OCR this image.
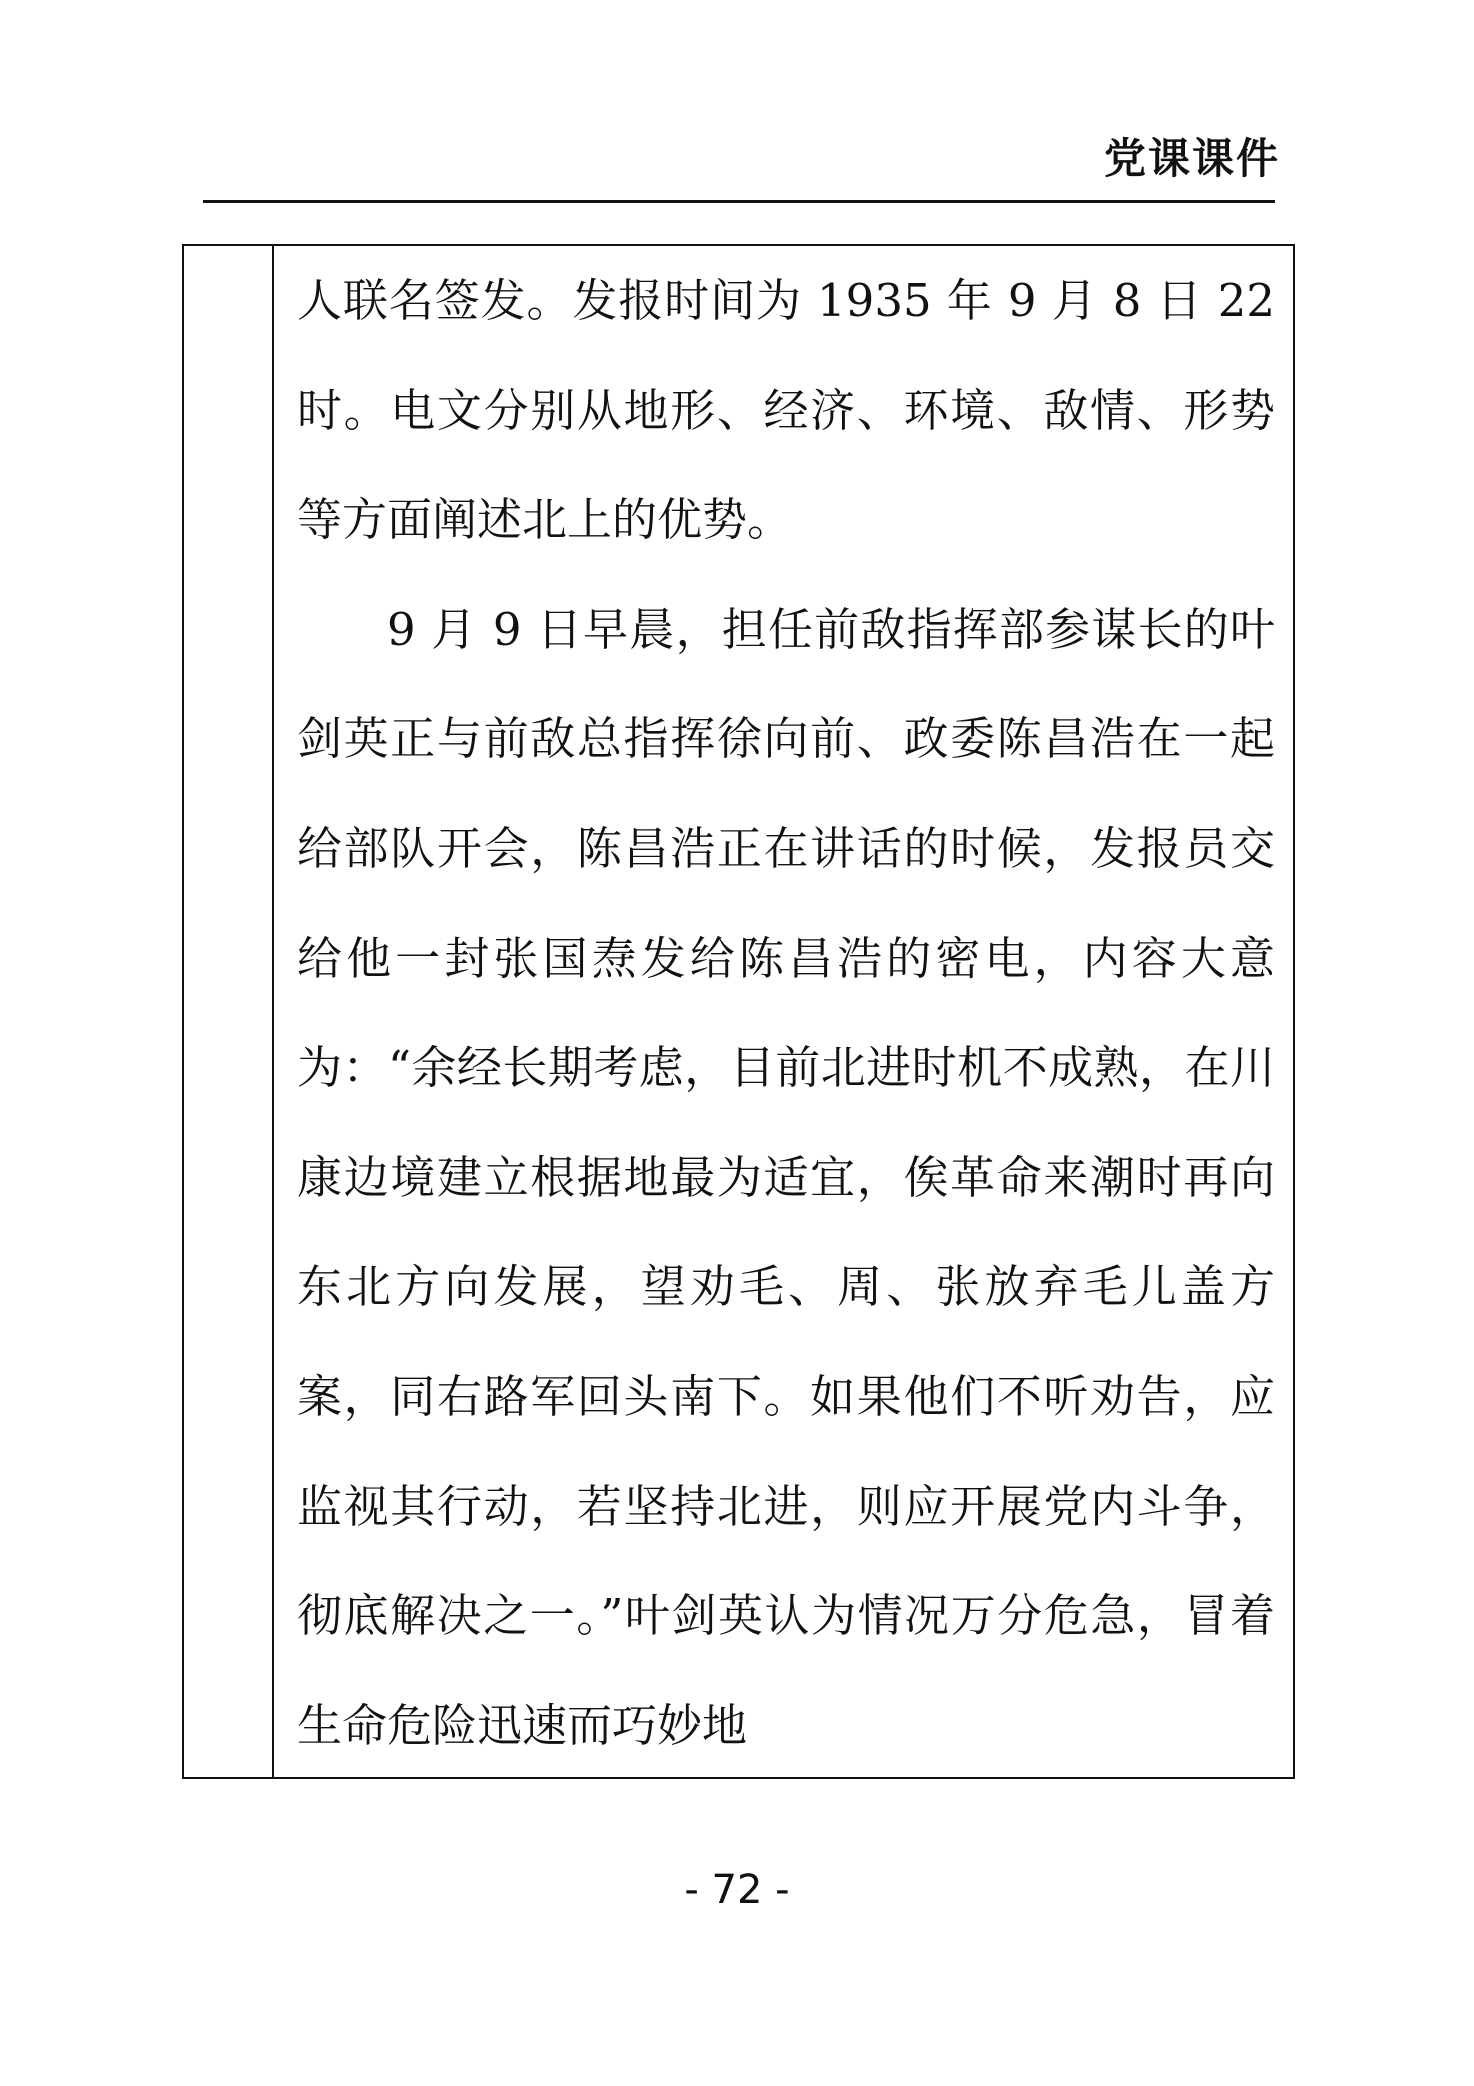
党课课件

人联名签发。发报时间为 1935 年 9 月 8 日 22 时。电文分别从地形、经济、环境、敌情、形势等方面阐述北上的优势。

9 月 9 日早晨，担任前敌指挥部参谋长的叶剑英正与前敌总指挥徐向前、政委陈昌浩在一起给部队开会，陈昌浩正在讲话的时候，发报员交给他一封张国焘发给陈昌浩的密电，内容大意为：“余经长期考虑，目前北进时机不成熟，在川康边境建立根据地最为适宜，俟革命来潮时再向东北方向发展，望劝毛、周、张放弃毛儿盖方案，同右路军回头南下。如果他们不听劝告，应监视其行动，若坚持北进，则应开展党内斗争，彻底解决之一。”叶剑英认为情况万分危急，冒着生命危险迅速而巧妙地

- 72 -
